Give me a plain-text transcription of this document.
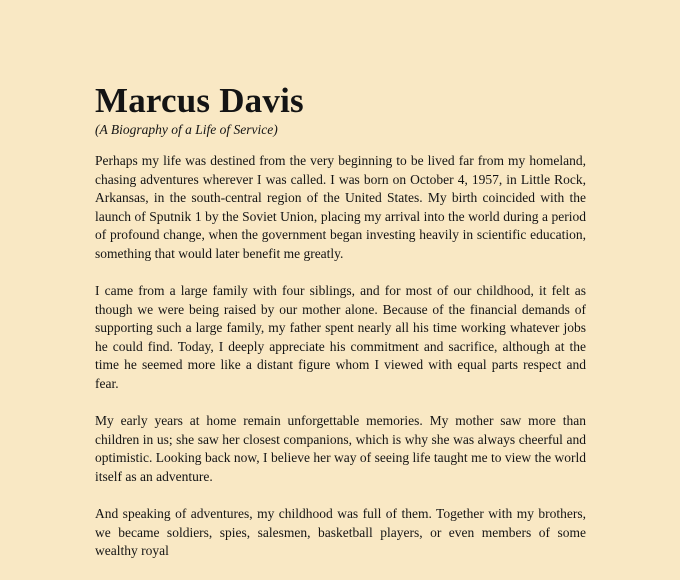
Marcus Davis

(A Biography of a Life of Service)

Perhaps my life was destined from the very beginning to be lived far from my homeland, chasing adventures wherever I was called. I was born on October 4, 1957, in Little Rock, Arkansas, in the south-central region of the United States. My birth coincided with the launch of Sputnik 1 by the Soviet Union, placing my arrival into the world during a period of profound change, when the government began investing heavily in scientific education, something that would later benefit me greatly.

I came from a large family with four siblings, and for most of our childhood, it felt as though we were being raised by our mother alone. Because of the financial demands of supporting such a large family, my father spent nearly all his time working whatever jobs he could find. Today, I deeply appreciate his commitment and sacrifice, although at the time he seemed more like a distant figure whom I viewed with equal parts respect and fear.

My early years at home remain unforgettable memories. My mother saw more than children in us; she saw her closest companions, which is why she was always cheerful and optimistic. Looking back now, I believe her way of seeing life taught me to view the world itself as an adventure.

And speaking of adventures, my childhood was full of them. Together with my brothers, we became soldiers, spies, salesmen, basketball players, or even members of some wealthy royal
